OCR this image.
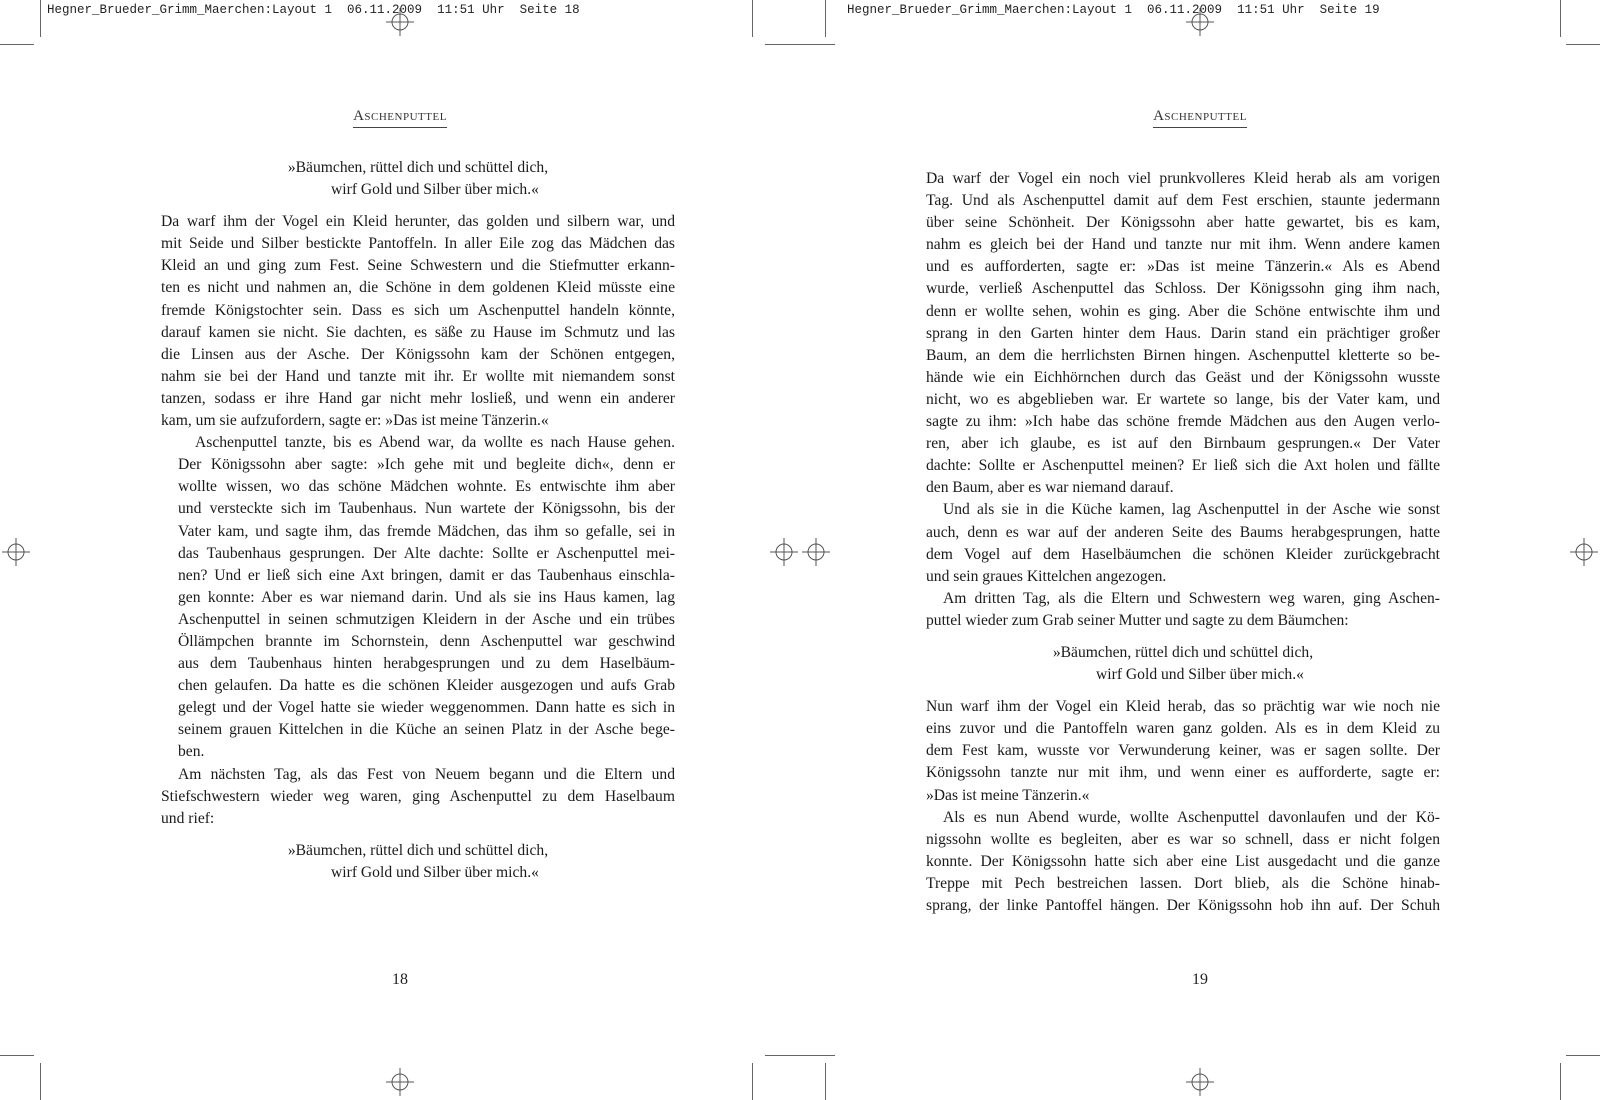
Hegner_Brueder_Grimm_Maerchen:Layout 1  06.11.2009  11:51 Uhr  Seite 18
Aschenputtel
»Bäumchen, rüttel dich und schüttel dich,
wirf Gold und Silber über mich.«

Da warf ihm der Vogel ein Kleid herunter, das golden und silbern war, und
mit Seide und Silber bestickte Pantoffeln. In aller Eile zog das Mädchen das
Kleid an und ging zum Fest. Seine Schwestern und die Stiefmutter erkann-
ten es nicht und nahmen an, die Schöne in dem goldenen Kleid müsste eine
fremde Königstochter sein. Dass es sich um Aschenputtel handeln könnte,
darauf kamen sie nicht. Sie dachten, es säße zu Hause im Schmutz und las
die Linsen aus der Asche. Der Königssohn kam der Schönen entgegen,
nahm sie bei der Hand und tanzte mit ihr. Er wollte mit niemandem sonst
tanzen, sodass er ihre Hand gar nicht mehr losließ, und wenn ein anderer
kam, um sie aufzufordern, sagte er: »Das ist meine Tänzerin.«

Aschenputtel tanzte, bis es Abend war, da wollte es nach Hause gehen.
Der Königssohn aber sagte: »Ich gehe mit und begleite dich«, denn er
wollte wissen, wo das schöne Mädchen wohnte. Es entwischte ihm aber
und versteckte sich im Taubenhaus. Nun wartete der Königssohn, bis der
Vater kam, und sagte ihm, das fremde Mädchen, das ihm so gefalle, sei in
das Taubenhaus gesprungen. Der Alte dachte: Sollte er Aschenputtel mei-
nen? Und er ließ sich eine Axt bringen, damit er das Taubenhaus einschla-
gen konnte: Aber es war niemand darin. Und als sie ins Haus kamen, lag
Aschenputtel in seinen schmutzigen Kleidern in der Asche und ein trübes
Öllämpchen brannte im Schornstein, denn Aschenputtel war geschwind
aus dem Taubenhaus hinten herabgesprungen und zu dem Haselbäum-
chen gelaufen. Da hatte es die schönen Kleider ausgezogen und aufs Grab
gelegt und der Vogel hatte sie wieder weggenommen. Dann hatte es sich in
seinem grauen Kittelchen in die Küche an seinen Platz in der Asche bege-
ben.

Am nächsten Tag, als das Fest von Neuem begann und die Eltern und
Stiefschwestern wieder weg waren, ging Aschenputtel zu dem Haselbaum
und rief:

»Bäumchen, rüttel dich und schüttel dich,
wirf Gold und Silber über mich.«
18
Hegner_Brueder_Grimm_Maerchen:Layout 1  06.11.2009  11:51 Uhr  Seite 19
Aschenputtel

Da warf der Vogel ein noch viel prunkvolleres Kleid herab als am vorigen
Tag. Und als Aschenputtel damit auf dem Fest erschien, staunte jedermann
über seine Schönheit. Der Königssohn aber hatte gewartet, bis es kam,
nahm es gleich bei der Hand und tanzte nur mit ihm. Wenn andere kamen
und es aufforderten, sagte er: »Das ist meine Tänzerin.« Als es Abend
wurde, verließ Aschenputtel das Schloss. Der Königssohn ging ihm nach,
denn er wollte sehen, wohin es ging. Aber die Schöne entwischte ihm und
sprang in den Garten hinter dem Haus. Darin stand ein prächtiger großer
Baum, an dem die herrlichsten Birnen hingen. Aschenputtel kletterte so be-
hände wie ein Eichhörnchen durch das Geäst und der Königssohn wusste
nicht, wo es abgeblieben war. Er wartete so lange, bis der Vater kam, und
sagte zu ihm: »Ich habe das schöne fremde Mädchen aus den Augen verlo-
ren, aber ich glaube, es ist auf den Birnbaum gesprungen.« Der Vater
dachte: Sollte er Aschenputtel meinen? Er ließ sich die Axt holen und fällte
den Baum, aber es war niemand darauf.

Und als sie in die Küche kamen, lag Aschenputtel in der Asche wie sonst
auch, denn es war auf der anderen Seite des Baums herabgesprungen, hatte
dem Vogel auf dem Haselbäumchen die schönen Kleider zurückgebracht
und sein graues Kittelchen angezogen.

Am dritten Tag, als die Eltern und Schwestern weg waren, ging Aschen-
puttel wieder zum Grab seiner Mutter und sagte zu dem Bäumchen:

»Bäumchen, rüttel dich und schüttel dich,
wirf Gold und Silber über mich.«

Nun warf ihm der Vogel ein Kleid herab, das so prächtig war wie noch nie
eins zuvor und die Pantoffeln waren ganz golden. Als es in dem Kleid zu
dem Fest kam, wusste vor Verwunderung keiner, was er sagen sollte. Der
Königssohn tanzte nur mit ihm, und wenn einer es aufforderte, sagte er:
»Das ist meine Tänzerin.«

Als es nun Abend wurde, wollte Aschenputtel davonlaufen und der Kö-
nigssohn wollte es begleiten, aber es war so schnell, dass er nicht folgen
konnte. Der Königssohn hatte sich aber eine List ausgedacht und die ganze
Treppe mit Pech bestreichen lassen. Dort blieb, als die Schöne hinab-
sprang, der linke Pantoffel hängen. Der Königssohn hob ihn auf. Der Schuh

19
